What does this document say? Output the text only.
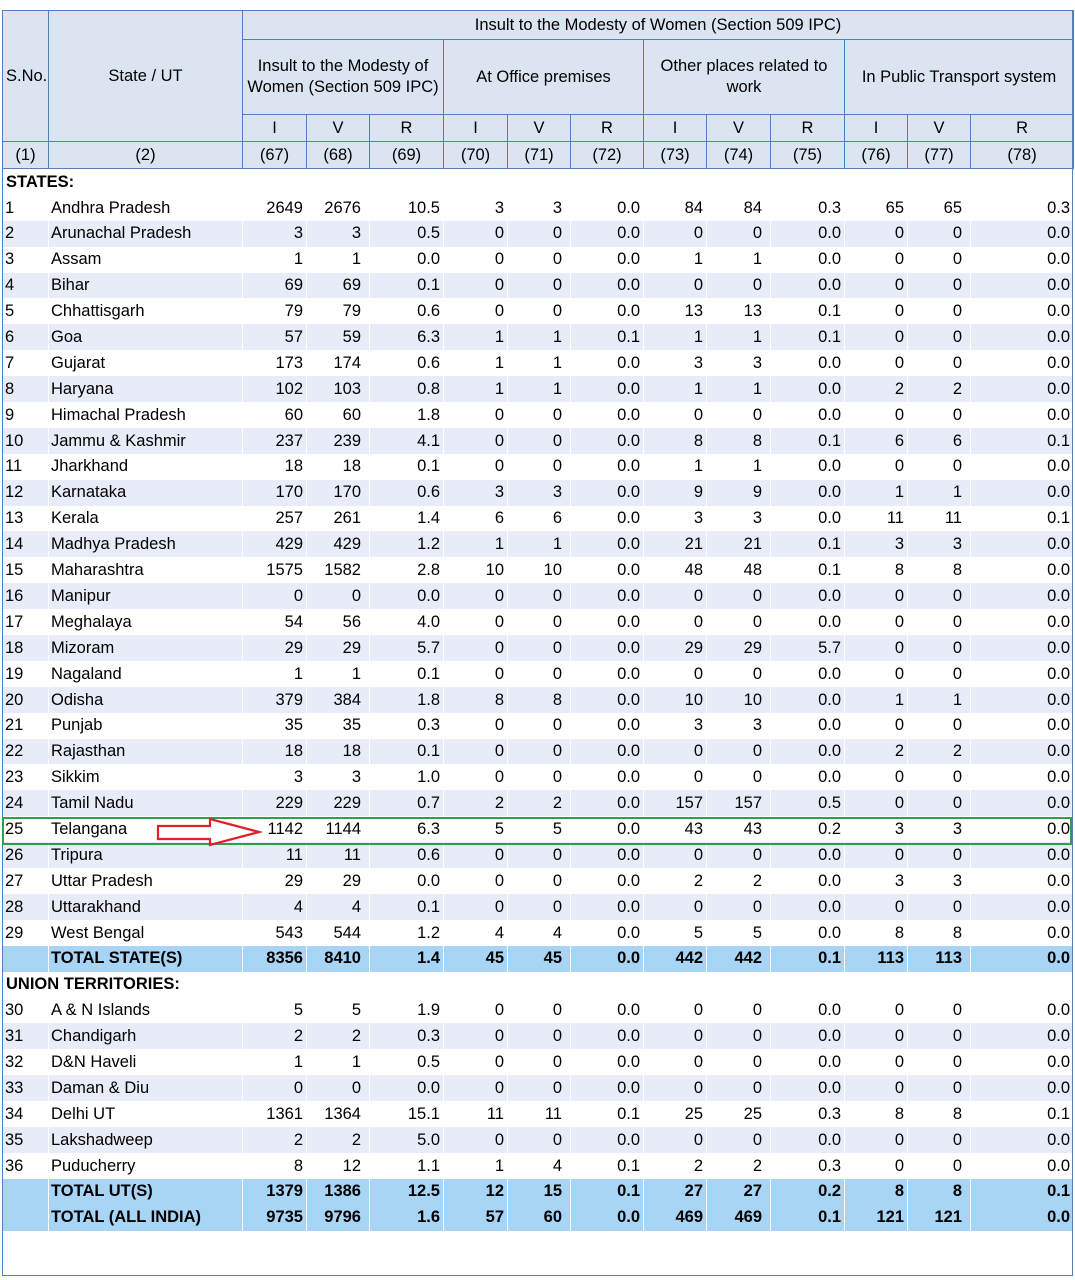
S.No.	State / UT	Insult to the Modesty of Women (Section 509 IPC)											
		Insult to the Modesty of Women (Section 509 IPC)			At Office premises			Other places related to work			In Public Transport system		
		I	V	R	I	V	R	I	V	R	I	V	R
(1)	(2)	(67)	(68)	(69)	(70)	(71)	(72)	(73)	(74)	(75)	(76)	(77)	(78)
STATES:													
1	Andhra Pradesh	2649	2676	10.5	3	3	0.0	84	84	0.3	65	65	0.3
2	Arunachal Pradesh	3	3	0.5	0	0	0.0	0	0	0.0	0	0	0.0
3	Assam	1	1	0.0	0	0	0.0	1	1	0.0	0	0	0.0
4	Bihar	69	69	0.1	0	0	0.0	0	0	0.0	0	0	0.0
5	Chhattisgarh	79	79	0.6	0	0	0.0	13	13	0.1	0	0	0.0
6	Goa	57	59	6.3	1	1	0.1	1	1	0.1	0	0	0.0
7	Gujarat	173	174	0.6	1	1	0.0	3	3	0.0	0	0	0.0
8	Haryana	102	103	0.8	1	1	0.0	1	1	0.0	2	2	0.0
9	Himachal Pradesh	60	60	1.8	0	0	0.0	0	0	0.0	0	0	0.0
10	Jammu & Kashmir	237	239	4.1	0	0	0.0	8	8	0.1	6	6	0.1
11	Jharkhand	18	18	0.1	0	0	0.0	1	1	0.0	0	0	0.0
12	Karnataka	170	170	0.6	3	3	0.0	9	9	0.0	1	1	0.0
13	Kerala	257	261	1.4	6	6	0.0	3	3	0.0	11	11	0.1
14	Madhya Pradesh	429	429	1.2	1	1	0.0	21	21	0.1	3	3	0.0
15	Maharashtra	1575	1582	2.8	10	10	0.0	48	48	0.1	8	8	0.0
16	Manipur	0	0	0.0	0	0	0.0	0	0	0.0	0	0	0.0
17	Meghalaya	54	56	4.0	0	0	0.0	0	0	0.0	0	0	0.0
18	Mizoram	29	29	5.7	0	0	0.0	29	29	5.7	0	0	0.0
19	Nagaland	1	1	0.1	0	0	0.0	0	0	0.0	0	0	0.0
20	Odisha	379	384	1.8	8	8	0.0	10	10	0.0	1	1	0.0
21	Punjab	35	35	0.3	0	0	0.0	3	3	0.0	0	0	0.0
22	Rajasthan	18	18	0.1	0	0	0.0	0	0	0.0	2	2	0.0
23	Sikkim	3	3	1.0	0	0	0.0	0	0	0.0	0	0	0.0
24	Tamil Nadu	229	229	0.7	2	2	0.0	157	157	0.5	0	0	0.0
25	Telangana	1142	1144	6.3	5	5	0.0	43	43	0.2	3	3	0.0
26	Tripura	11	11	0.6	0	0	0.0	0	0	0.0	0	0	0.0
27	Uttar Pradesh	29	29	0.0	0	0	0.0	2	2	0.0	3	3	0.0
28	Uttarakhand	4	4	0.1	0	0	0.0	0	0	0.0	0	0	0.0
29	West Bengal	543	544	1.2	4	4	0.0	5	5	0.0	8	8	0.0
	TOTAL STATE(S)	8356	8410	1.4	45	45	0.0	442	442	0.1	113	113	0.0
UNION TERRITORIES:													
30	A & N Islands	5	5	1.9	0	0	0.0	0	0	0.0	0	0	0.0
31	Chandigarh	2	2	0.3	0	0	0.0	0	0	0.0	0	0	0.0
32	D&N Haveli	1	1	0.5	0	0	0.0	0	0	0.0	0	0	0.0
33	Daman & Diu	0	0	0.0	0	0	0.0	0	0	0.0	0	0	0.0
34	Delhi UT	1361	1364	15.1	11	11	0.1	25	25	0.3	8	8	0.1
35	Lakshadweep	2	2	5.0	0	0	0.0	0	0	0.0	0	0	0.0
36	Puducherry	8	12	1.1	1	4	0.1	2	2	0.3	0	0	0.0
	TOTAL UT(S)	1379	1386	12.5	12	15	0.1	27	27	0.2	8	8	0.1
	TOTAL (ALL INDIA)	9735	9796	1.6	57	60	0.0	469	469	0.1	121	121	0.0
